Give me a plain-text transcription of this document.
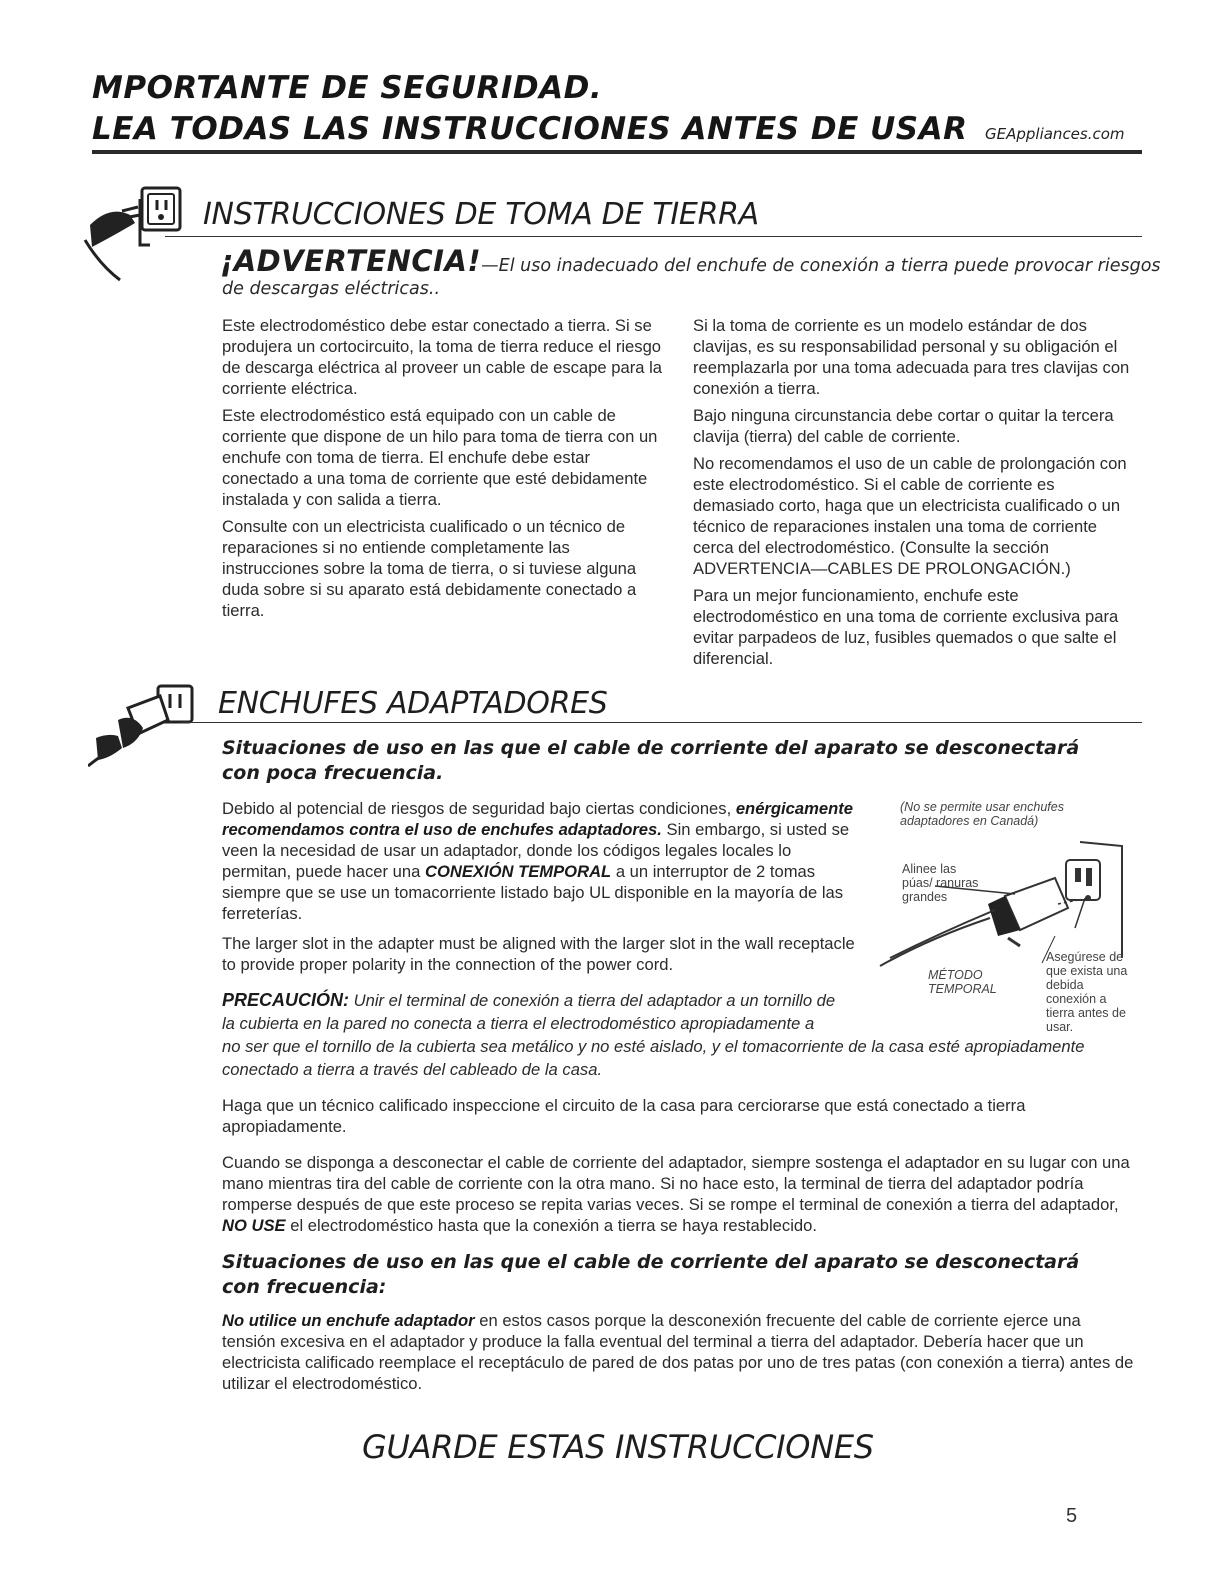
MPORTANTE DE SEGURIDAD.
LEA TODAS LAS INSTRUCCIONES ANTES DE USAR GEAppliances.com
INSTRUCCIONES DE TOMA DE TIERRA
¡ADVERTENCIA!—El uso inadecuado del enchufe de conexión a tierra puede provocar riesgos
de descargas eléctricas..

Este electrodoméstico debe estar conectado a tierra. Si se produjera un cortocircuito, la toma de tierra reduce el riesgo de descarga eléctrica al proveer un cable de escape para la corriente eléctrica.

Este electrodoméstico está equipado con un cable de corriente que dispone de un hilo para toma de tierra con un enchufe con toma de tierra. El enchufe debe estar conectado a una toma de corriente que esté debidamente instalada y con salida a tierra.

Consulte con un electricista cualificado o un técnico de reparaciones si no entiende completamente las instrucciones sobre la toma de tierra, o si tuviese alguna duda sobre si su aparato está debidamente conectado a tierra.

Si la toma de corriente es un modelo estándar de dos clavijas, es su responsabilidad personal y su obligación el reemplazarla por una toma adecuada para tres clavijas con conexión a tierra.

Bajo ninguna circunstancia debe cortar o quitar la tercera clavija (tierra) del cable de corriente.

No recomendamos el uso de un cable de prolongación con este electrodoméstico. Si el cable de corriente es demasiado corto, haga que un electricista cualificado o un técnico de reparaciones instalen una toma de corriente cerca del electrodoméstico. (Consulte la sección ADVERTENCIA—CABLES DE PROLONGACIÓN.)

Para un mejor funcionamiento, enchufe este electrodoméstico en una toma de corriente exclusiva para evitar parpadeos de luz, fusibles quemados o que salte el diferencial.

ENCHUFES ADAPTADORES
Situaciones de uso en las que el cable de corriente del aparato se desconectará con poca frecuencia.
Debido al potencial de riesgos de seguridad bajo ciertas condiciones, enérgicamente recomendamos contra el uso de enchufes adaptadores. Sin embargo, si usted se veen la necesidad de usar un adaptador, donde los códigos legales locales lo permitan, puede hacer una CONEXIÓN TEMPORAL a un interruptor de 2 tomas siempre que se use un tomacorriente listado bajo UL disponible en la mayoría de las ferreterías.
The larger slot in the adapter must be aligned with the larger slot in the wall receptacle to provide proper polarity in the connection of the power cord.
PRECAUCIÓN: Unir el terminal de conexión a tierra del adaptador a un tornillo de
la cubierta en la pared no conecta a tierra el electrodoméstico apropiadamente a
no ser que el tornillo de la cubierta sea metálico y no esté aislado, y el tomacorriente de la casa esté apropiadamente
conectado a tierra a través del cableado de la casa.
Haga que un técnico calificado inspeccione el circuito de la casa para cerciorarse que está conectado a tierra apropiadamente.
Cuando se disponga a desconectar el cable de corriente del adaptador, siempre sostenga el adaptador en su lugar con una mano mientras tira del cable de corriente con la otra mano. Si no hace esto, la terminal de tierra del adaptador podría romperse después de que este proceso se repita varias veces. Si se rompe el terminal de conexión a tierra del adaptador, NO USE el electrodoméstico hasta que la conexión a tierra se haya restablecido.
Situaciones de uso en las que el cable de corriente del aparato se desconectará con frecuencia:
No utilice un enchufe adaptador en estos casos porque la desconexión frecuente del cable de corriente ejerce una tensión excesiva en el adaptador y produce la falla eventual del terminal a tierra del adaptador. Debería hacer que un electricista calificado reemplace el receptáculo de pared de dos patas por uno de tres patas (con conexión a tierra) antes de utilizar el electrodoméstico.
(No se permite usar enchufes adaptadores en Canadá)
Alinee las púas/ ranuras grandes
MÉTODO TEMPORAL
Asegúrese de que exista una debida conexión a tierra antes de usar.
GUARDE ESTAS INSTRUCCIONES
5
